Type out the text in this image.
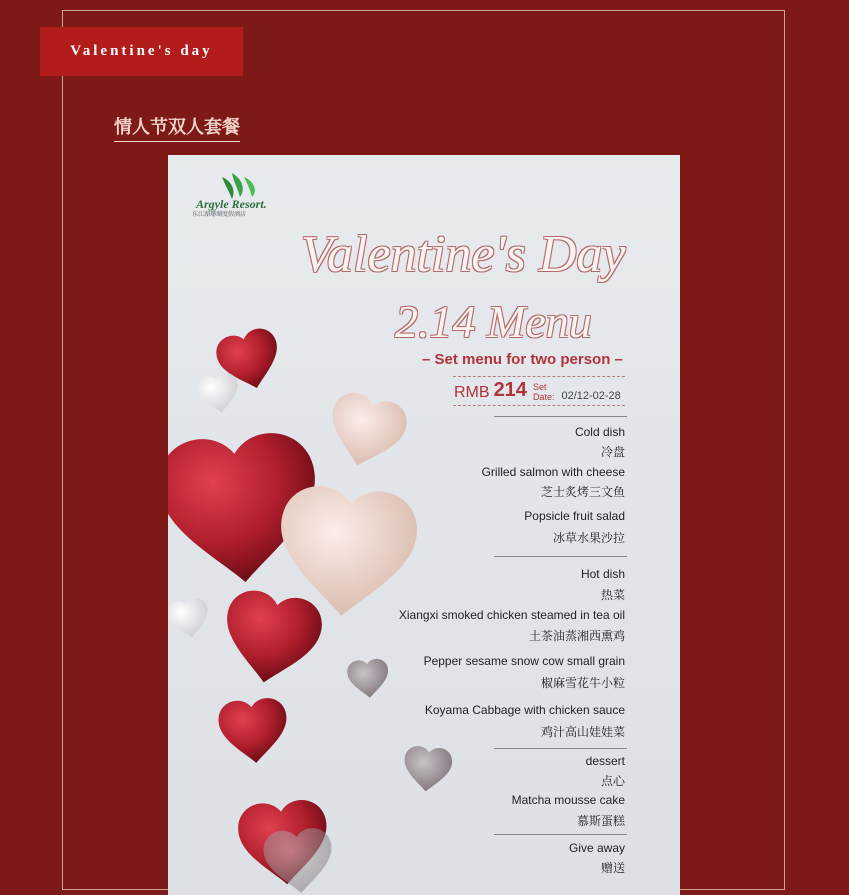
Valentine's day
情人节双人套餐
Argyle Resort.
东江湖珊瑚度假酒店
Valentine's Day
2.14 Menu
– Set menu for two person –
RMB 214 Set
Date: 02/12-02-28
Cold dish
冷盘
Grilled salmon with cheese
芝士炙烤三文鱼
Popsicle fruit salad
冰草水果沙拉
Hot dish
热菜
Xiangxi smoked chicken steamed in tea oil
土茶油蒸湘西熏鸡
Pepper sesame snow cow small grain
椒麻雪花牛小粒
Koyama Cabbage with chicken sauce
鸡汁高山娃娃菜
dessert
点心
Matcha mousse cake
慕斯蛋糕
Give away
赠送
